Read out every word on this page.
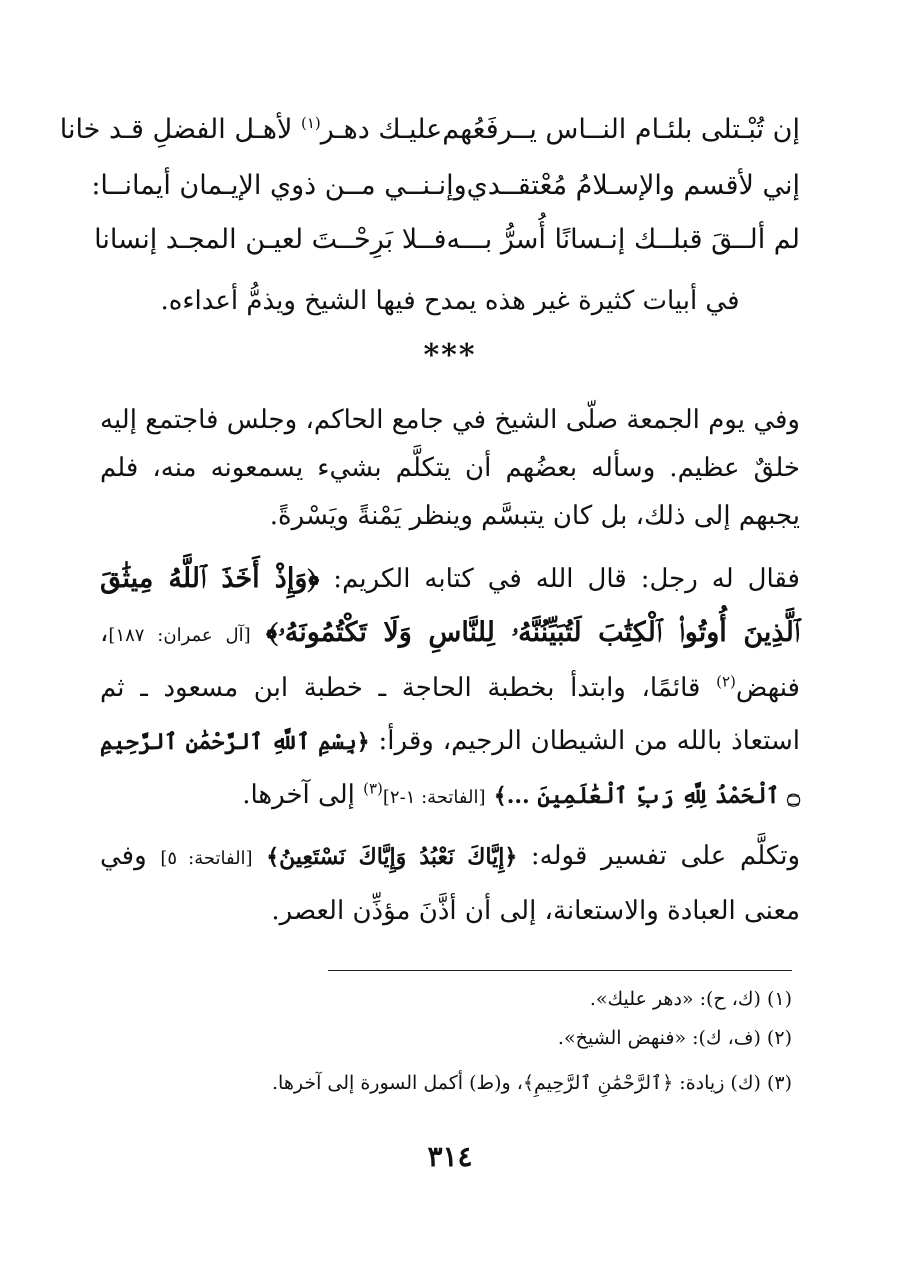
إن تُبْـتلى بلئـام النــاس يــرفَعُهم
عليـك دهـر$^{(١)}$ لأهـل الفضلِ قـد خانا
إني لأقسم والإسـلامُ مُعْتقــدي
وإنـنــي مــن ذوي الإيـمان أيمانــا:
لم ألــقَ قبلــك إنـسانًا أُسرُّ بـــه
فــلا بَرِحْــتَ لعيـن المجـد إنسانا
في أبيات كثيرة غير هذه يمدح فيها الشيخ ويذمُّ أعداءه.
***
وفي يوم الجمعة صلّى الشيخ في جامع الحاكم، وجلس فاجتمع إليه خلقٌ عظيم. وسأله بعضُهم أن يتكلَّم بشيء يسمعونه منه، فلم يجبهم إلى ذلك، بل كان يتبسَّم وينظر يَمْنةً ويَسْرةً.
فقال له رجل: قال الله في كتابه الكريم: ﴿وَإِذْ أَخَذَ ٱللَّهُ مِيثَٰقَ ٱلَّذِينَ أُوتُوا۟ ٱلْكِتَٰبَ لَتُبَيِّنُنَّهُۥ لِلنَّاسِ وَلَا تَكْتُمُونَهُۥ﴾ [آل عمران: ١٨٧]، فنهض$^{(٢)}$ قائمًا، وابتدأ بخطبة الحاجة ـ خطبة ابن مسعود ـ ثم استعاذ بالله من الشيطان الرجيم، وقرأ: ﴿بِسْمِ ٱللَّهِ ٱلرَّحْمَٰنِ ٱلرَّحِيمِ ۝ ٱلْحَمْدُ لِلَّهِ رَبِّ ٱلْعَٰلَمِينَ ...﴾ [الفاتحة: ١-٢]$^{(٣)}$ إلى آخرها.
وتكلَّم على تفسير قوله: ﴿إِيَّاكَ نَعْبُدُ وَإِيَّاكَ نَسْتَعِينُ﴾ [الفاتحة: ٥] وفي معنى العبادة والاستعانة، إلى أن أذَّنَ مؤذِّن العصر.
(١) (ك، ح): «دهر عليك».
(٢) (ف، ك): «فنهض الشيخ».
(٣) (ك) زيادة: ﴿ٱلرَّحْمَٰنِ ٱلرَّحِيمِ﴾، و(ط) أكمل السورة إلى آخرها.
٣١٤
